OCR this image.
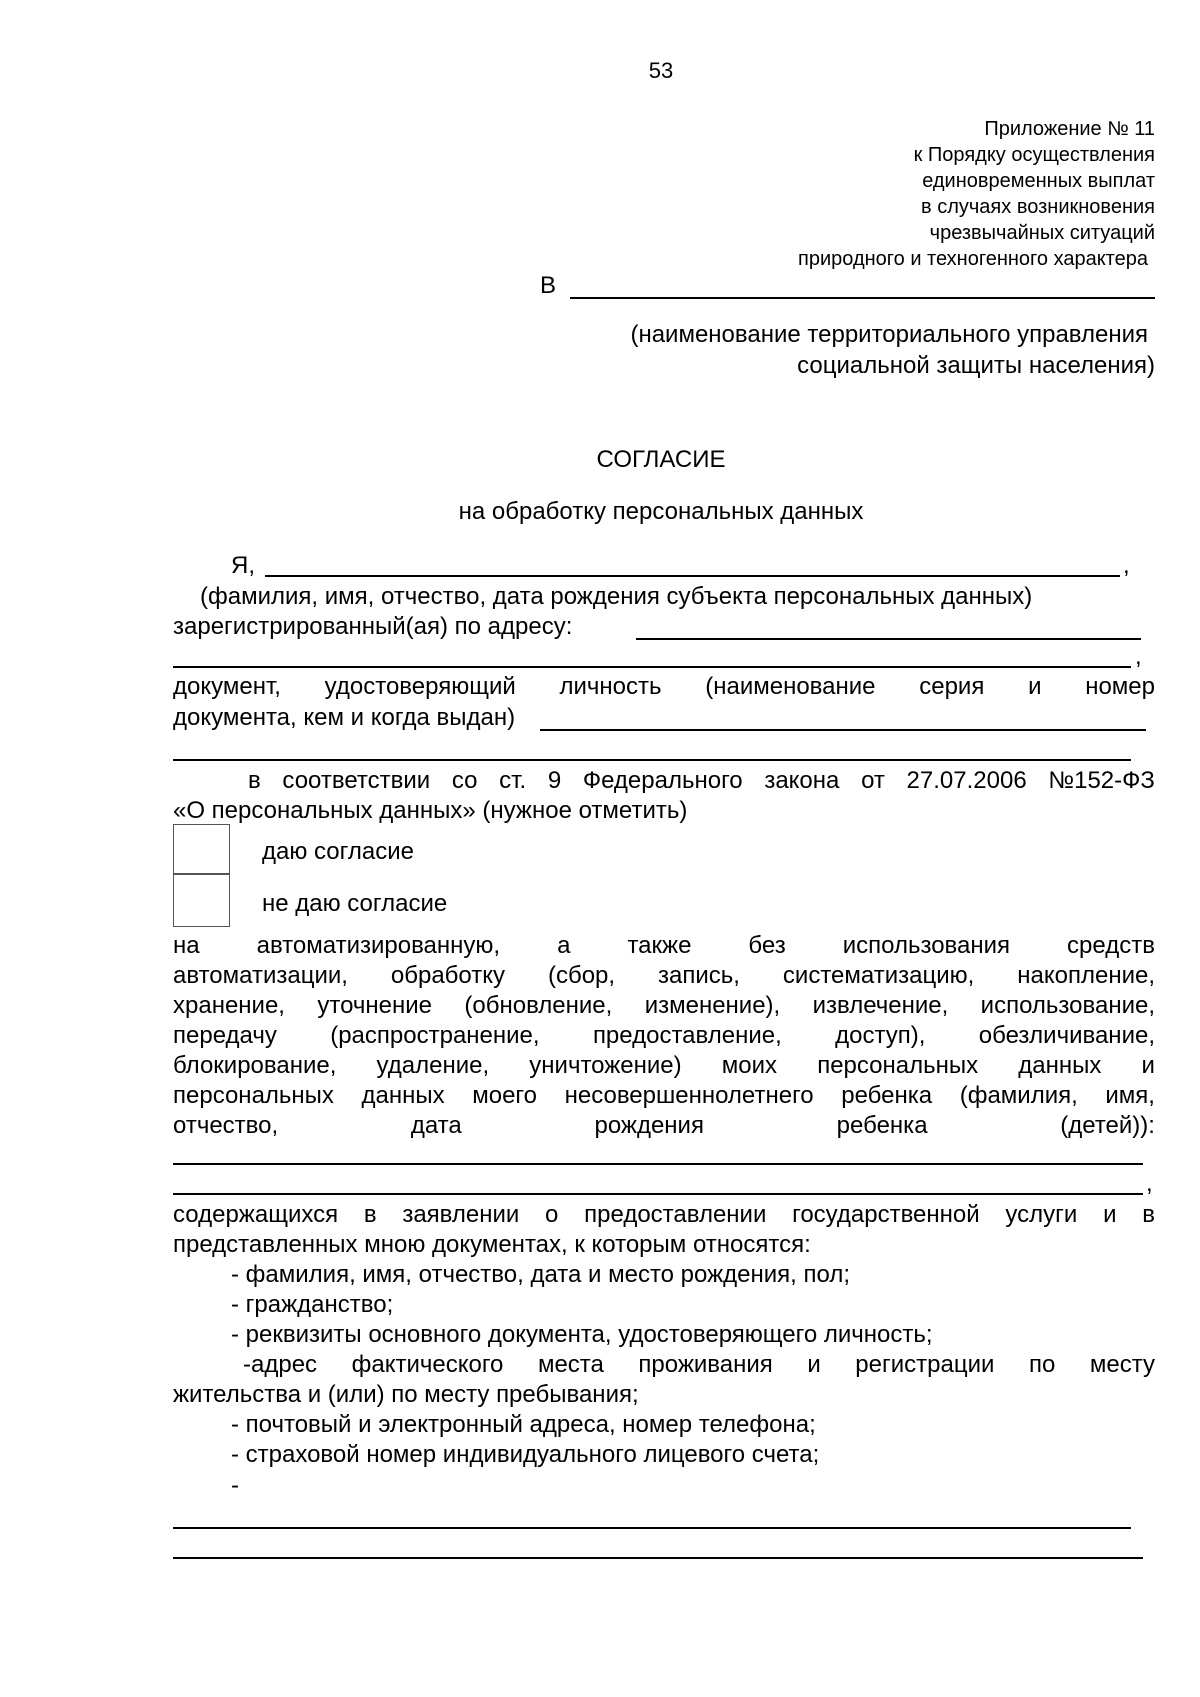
53
Приложение № 11
к Порядку осуществления
единовременных выплат
в случаях возникновения
чрезвычайных ситуаций
природного и техногенного характера
В
(наименование территориального управления
социальной защиты населения)
СОГЛАСИЕ
на обработку персональных данных
Я,	,
(фамилия, имя, отчество, дата рождения субъекта персональных данных)
зарегистрированный(ая) по адресу:
,
документ, удостоверяющий личность (наименование серия и номер
документа, кем и когда выдан)
в соответствии со ст. 9 Федерального закона от 27.07.2006 №152-ФЗ
«О персональных данных» (нужное отметить)
даю согласие
не даю согласие
на автоматизированную, а также без использования средств
автоматизации, обработку (сбор, запись, систематизацию, накопление,
хранение, уточнение (обновление, изменение), извлечение, использование,
передачу (распространение, предоставление, доступ), обезличивание,
блокирование, удаление, уничтожение) моих персональных данных и
персональных данных моего несовершеннолетнего ребенка (фамилия, имя,
отчество,	дата	рождения	ребенка	(детей)):
,
содержащихся в заявлении о предоставлении государственной услуги и в
представленных мною документах, к которым относятся:
- фамилия, имя, отчество, дата и место рождения, пол;
- гражданство;
- реквизиты основного документа, удостоверяющего личность;
-адрес фактического места проживания и регистрации по месту
жительства и (или) по месту пребывания;
- почтовый и электронный адреса, номер телефона;
- страховой номер индивидуального лицевого счета;
-
